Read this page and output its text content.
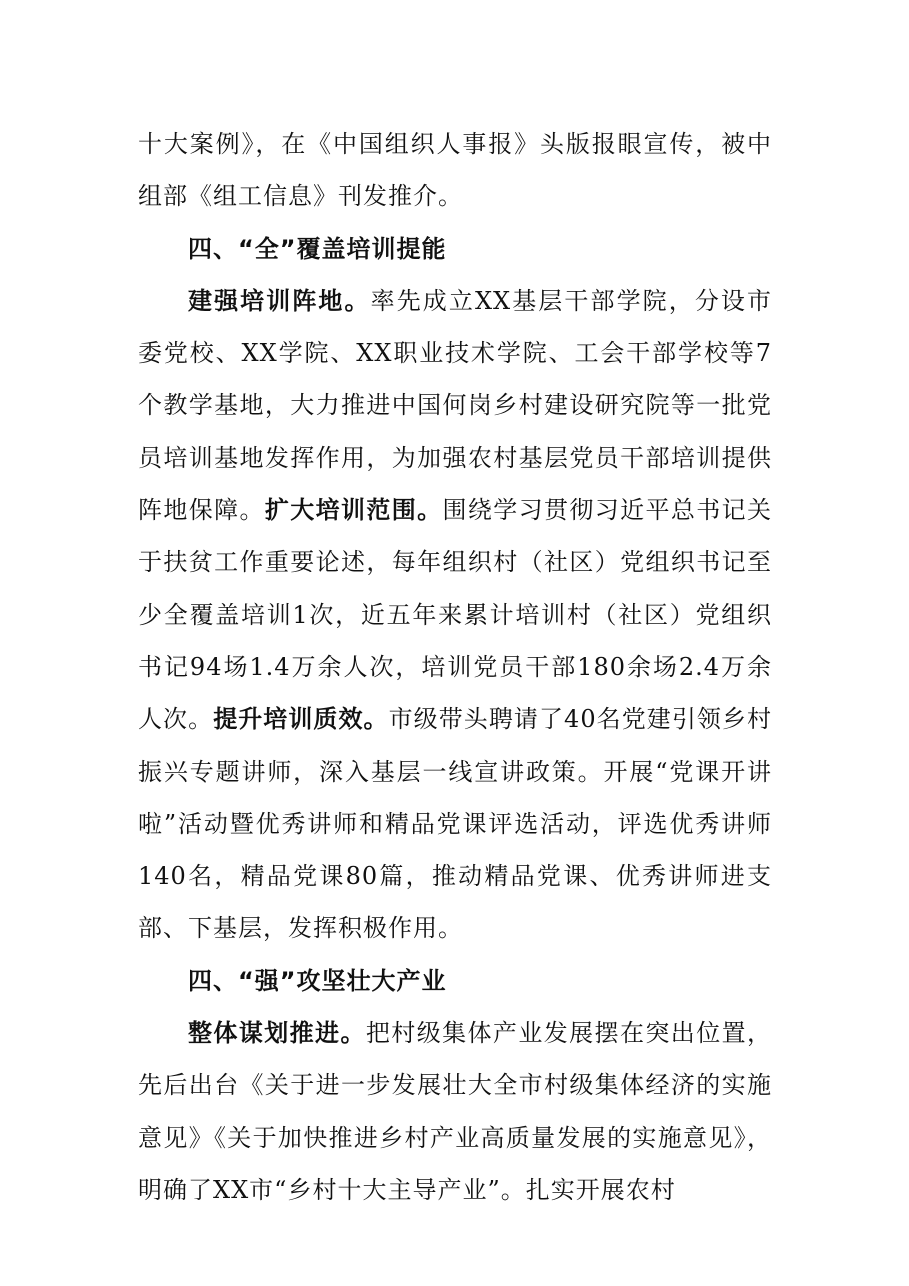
十大案例》，在《中国组织人事报》头版报眼宣传，被中组部《组工信息》刊发推介。

四、“全”覆盖培训提能

建强培训阵地。率先成立XX基层干部学院，分设市委党校、XX学院、XX职业技术学院、工会干部学校等7个教学基地，大力推进中国何岗乡村建设研究院等一批党员培训基地发挥作用，为加强农村基层党员干部培训提供阵地保障。扩大培训范围。围绕学习贯彻习近平总书记关于扶贫工作重要论述，每年组织村（社区）党组织书记至少全覆盖培训1次，近五年来累计培训村（社区）党组织书记94场1.4万余人次，培训党员干部180余场2.4万余人次。提升培训质效。市级带头聘请了40名党建引领乡村振兴专题讲师，深入基层一线宣讲政策。开展“党课开讲啦”活动暨优秀讲师和精品党课评选活动，评选优秀讲师140名，精品党课80篇，推动精品党课、优秀讲师进支部、下基层，发挥积极作用。

四、“强”攻坚壮大产业

整体谋划推进。把村级集体产业发展摆在突出位置，先后出台《关于进一步发展壮大全市村级集体经济的实施意见》《关于加快推进乡村产业高质量发展的实施意见》，明确了XX市“乡村十大主导产业”。扎实开展农村
